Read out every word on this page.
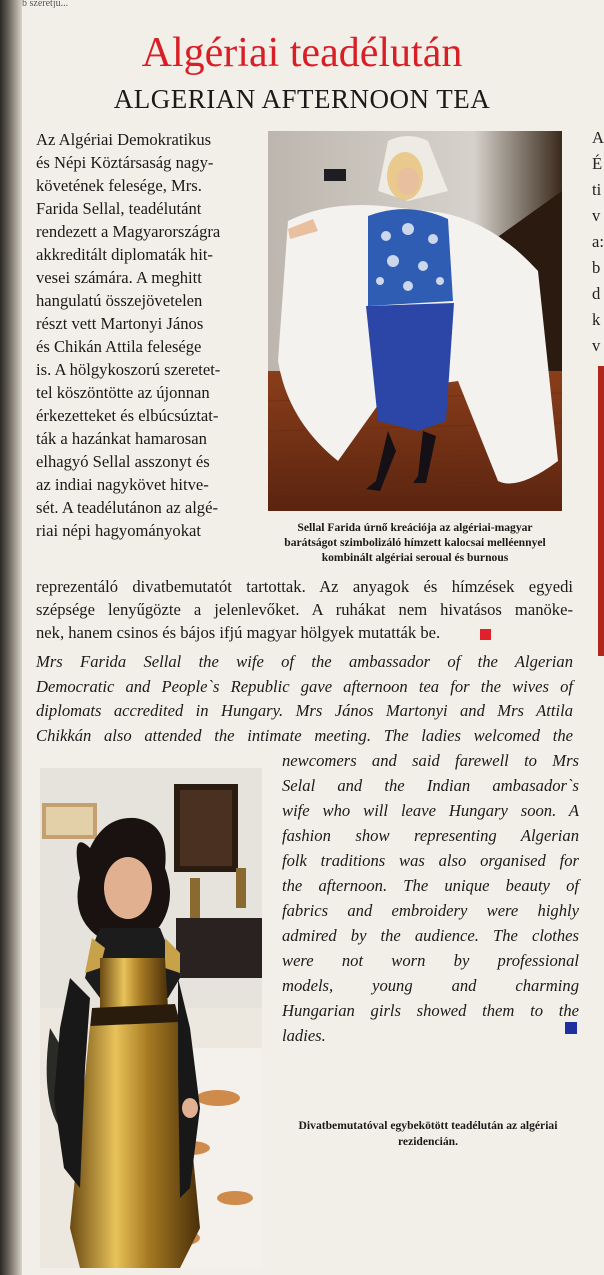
b szeretjü...
Algériai teadélután
ALGERIAN AFTERNOON TEA
Az Algériai Demokratikus
és Népi Köztársaság nagy-
követének felesége, Mrs.
Farida Sellal, teadélutánt
rendezett a Magyarországra
akkreditált diplomaták hit-
vesei számára. A meghitt
hangulatú összejövetelen
részt vett Martonyi János
és Chikán Attila felesége
is. A hölgykoszorú szeretet-
tel köszöntötte az újonnan
érkezetteket és elbúcsúztat-
ták a hazánkat hamarosan
elhagyó Sellal asszonyt és
az indiai nagykövet hitve-
sét. A teadélutánon az algé-
riai népi hagyományokat	Sellal Farida úrnő kreációja az algériai-magyar
barátságot szimbolizáló hímzett kalocsai melléennyel
kombinált algériai seroual és burnous
reprezentáló divatbemutatót tartottak. Az anyagok és hímzések egyedi
szépsége lenyűgözte a jelenlevőket. A ruhákat nem hivatásos manöke-
nek, hanem csinos és bájos ifjú magyar hölgyek mutatták be.
Mrs Farida Sellal the wife of the ambassador of the Algerian
Democratic and People`s Republic gave afternoon tea for the wives of
diplomats accredited in Hungary. Mrs János Martonyi and Mrs Attila
Chikkán also attended the intimate meeting. The ladies welcomed the
newcomers and said farewell to Mrs
Selal and the Indian ambasador`s
wife who will leave Hungary soon. A
fashion show representing Algerian
folk traditions was also organised for
the afternoon. The unique beauty of
fabrics and embroidery were highly
admired by the audience. The clothes
were not worn by professional
models, young and charming
Hungarian girls showed them to the
ladies.
Divatbemutatóval egybekötött teadélután az algériai
rezidencián.
A
É
ti
v
a:
b
d
k
v
